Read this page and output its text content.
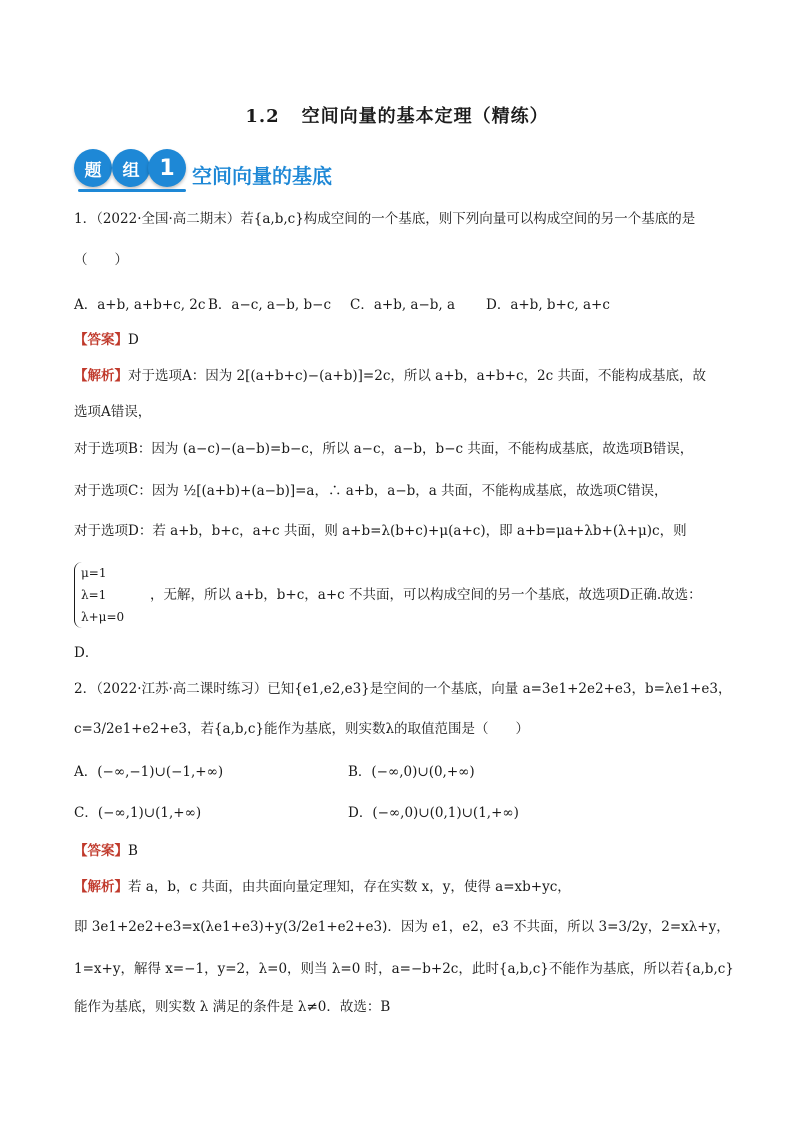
1.2 空间向量的基本定理（精练）
题	组 1 空间向量的基底
1．（2022·全国·高二期末）若{a,b,c}构成空间的一个基底，则下列向量可以构成空间的另一个基底的是
（　　）
A．a+b, a+b+c, 2c B．a−c, a−b, b−c C．a+b, a−b, a D．a+b, b+c, a+c
【答案】D
【解析】对于选项A：因为 2[(a+b+c)−(a+b)]=2c，所以 a+b，a+b+c，2c 共面，不能构成基底，故
选项A错误，
对于选项B：因为 (a−c)−(a−b)=b−c，所以 a−c，a−b，b−c 共面，不能构成基底，故选项B错误，
对于选项C：因为 ½[(a+b)+(a−b)]=a，∴ a+b，a−b，a 共面，不能构成基底，故选项C错误，
对于选项D：若 a+b，b+c，a+c 共面，则 a+b=λ(b+c)+μ(a+c)，即 a+b=μa+λb+(λ+μ)c，则
μ=1
λ=1
λ+μ=0
，无解，所以 a+b，b+c，a+c 不共面，可以构成空间的另一个基底，故选项D正确.故选：
D．
2．（2022·江苏·高二课时练习）已知{e1,e2,e3}是空间的一个基底，向量 a=3e1+2e2+e3，b=λe1+e3，
c=3/2e1+e2+e3，若{a,b,c}能作为基底，则实数λ的取值范围是（　　）
A．(−∞,−1)∪(−1,+∞)	B．(−∞,0)∪(0,+∞)
C．(−∞,1)∪(1,+∞)	D．(−∞,0)∪(0,1)∪(1,+∞)
【答案】B
【解析】若 a，b，c 共面，由共面向量定理知，存在实数 x，y，使得 a=xb+yc，
即 3e1+2e2+e3=x(λe1+e3)+y(3/2e1+e2+e3)．因为 e1，e2，e3 不共面，所以 3=3/2y，2=xλ+y，
1=x+y，解得 x=−1，y=2，λ=0，则当 λ=0 时，a=−b+2c，此时{a,b,c}不能作为基底，所以若{a,b,c}
能作为基底，则实数 λ 满足的条件是 λ≠0．故选：B
